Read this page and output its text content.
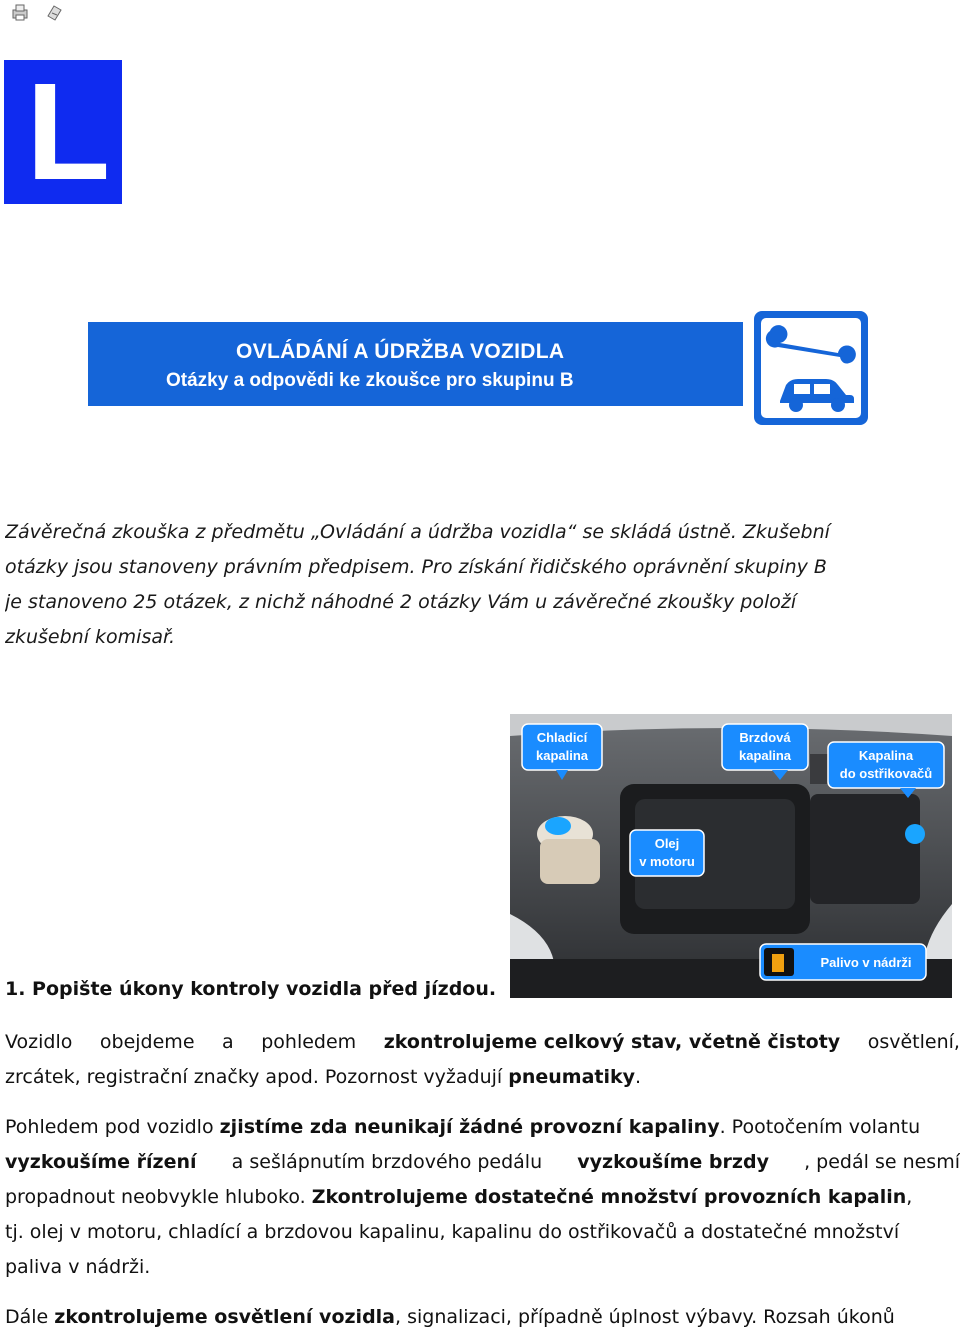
L
OVLÁDÁNÍ A ÚDRŽBA VOZIDLA
Otázky a odpovědi ke zkoušce pro skupinu B
Závěrečná zkouška z předmětu „Ovládání a údržba vozidla“ se skládá ústně. Zkušební
otázky jsou stanoveny právním předpisem. Pro získání řidičského oprávnění skupiny B
je stanoveno 25 otázek, z nichž náhodné 2 otázky Vám u závěrečné zkoušky položí
zkušební komisař.
Chladicí
kapalina
Brzdová
kapalina	Kapalina
do ostřikovačů
Olej
v motoru
Palivo v nádrži
1. Popište úkony kontroly vozidla před jízdou.
Vozidlo obejdeme a pohledem zkontrolujeme celkový stav, včetně čistoty osvětlení,
zrcátek, registrační značky apod. Pozornost vyžadují pneumatiky.
Pohledem pod vozidlo zjistíme zda neunikají žádné provozní kapaliny. Pootočením volantu
vyzkoušíme řízení a sešlápnutím brzdového pedálu vyzkoušíme brzdy , pedál se nesmí
propadnout neobvykle hluboko. Zkontrolujeme dostatečné množství provozních kapalin,
tj. olej v motoru, chladící a brzdovou kapalinu, kapalinu do ostřikovačů a dostatečné množství
paliva v nádrži.
Dále zkontrolujeme osvětlení vozidla, signalizaci, případně úplnost výbavy. Rozsah úkonů
